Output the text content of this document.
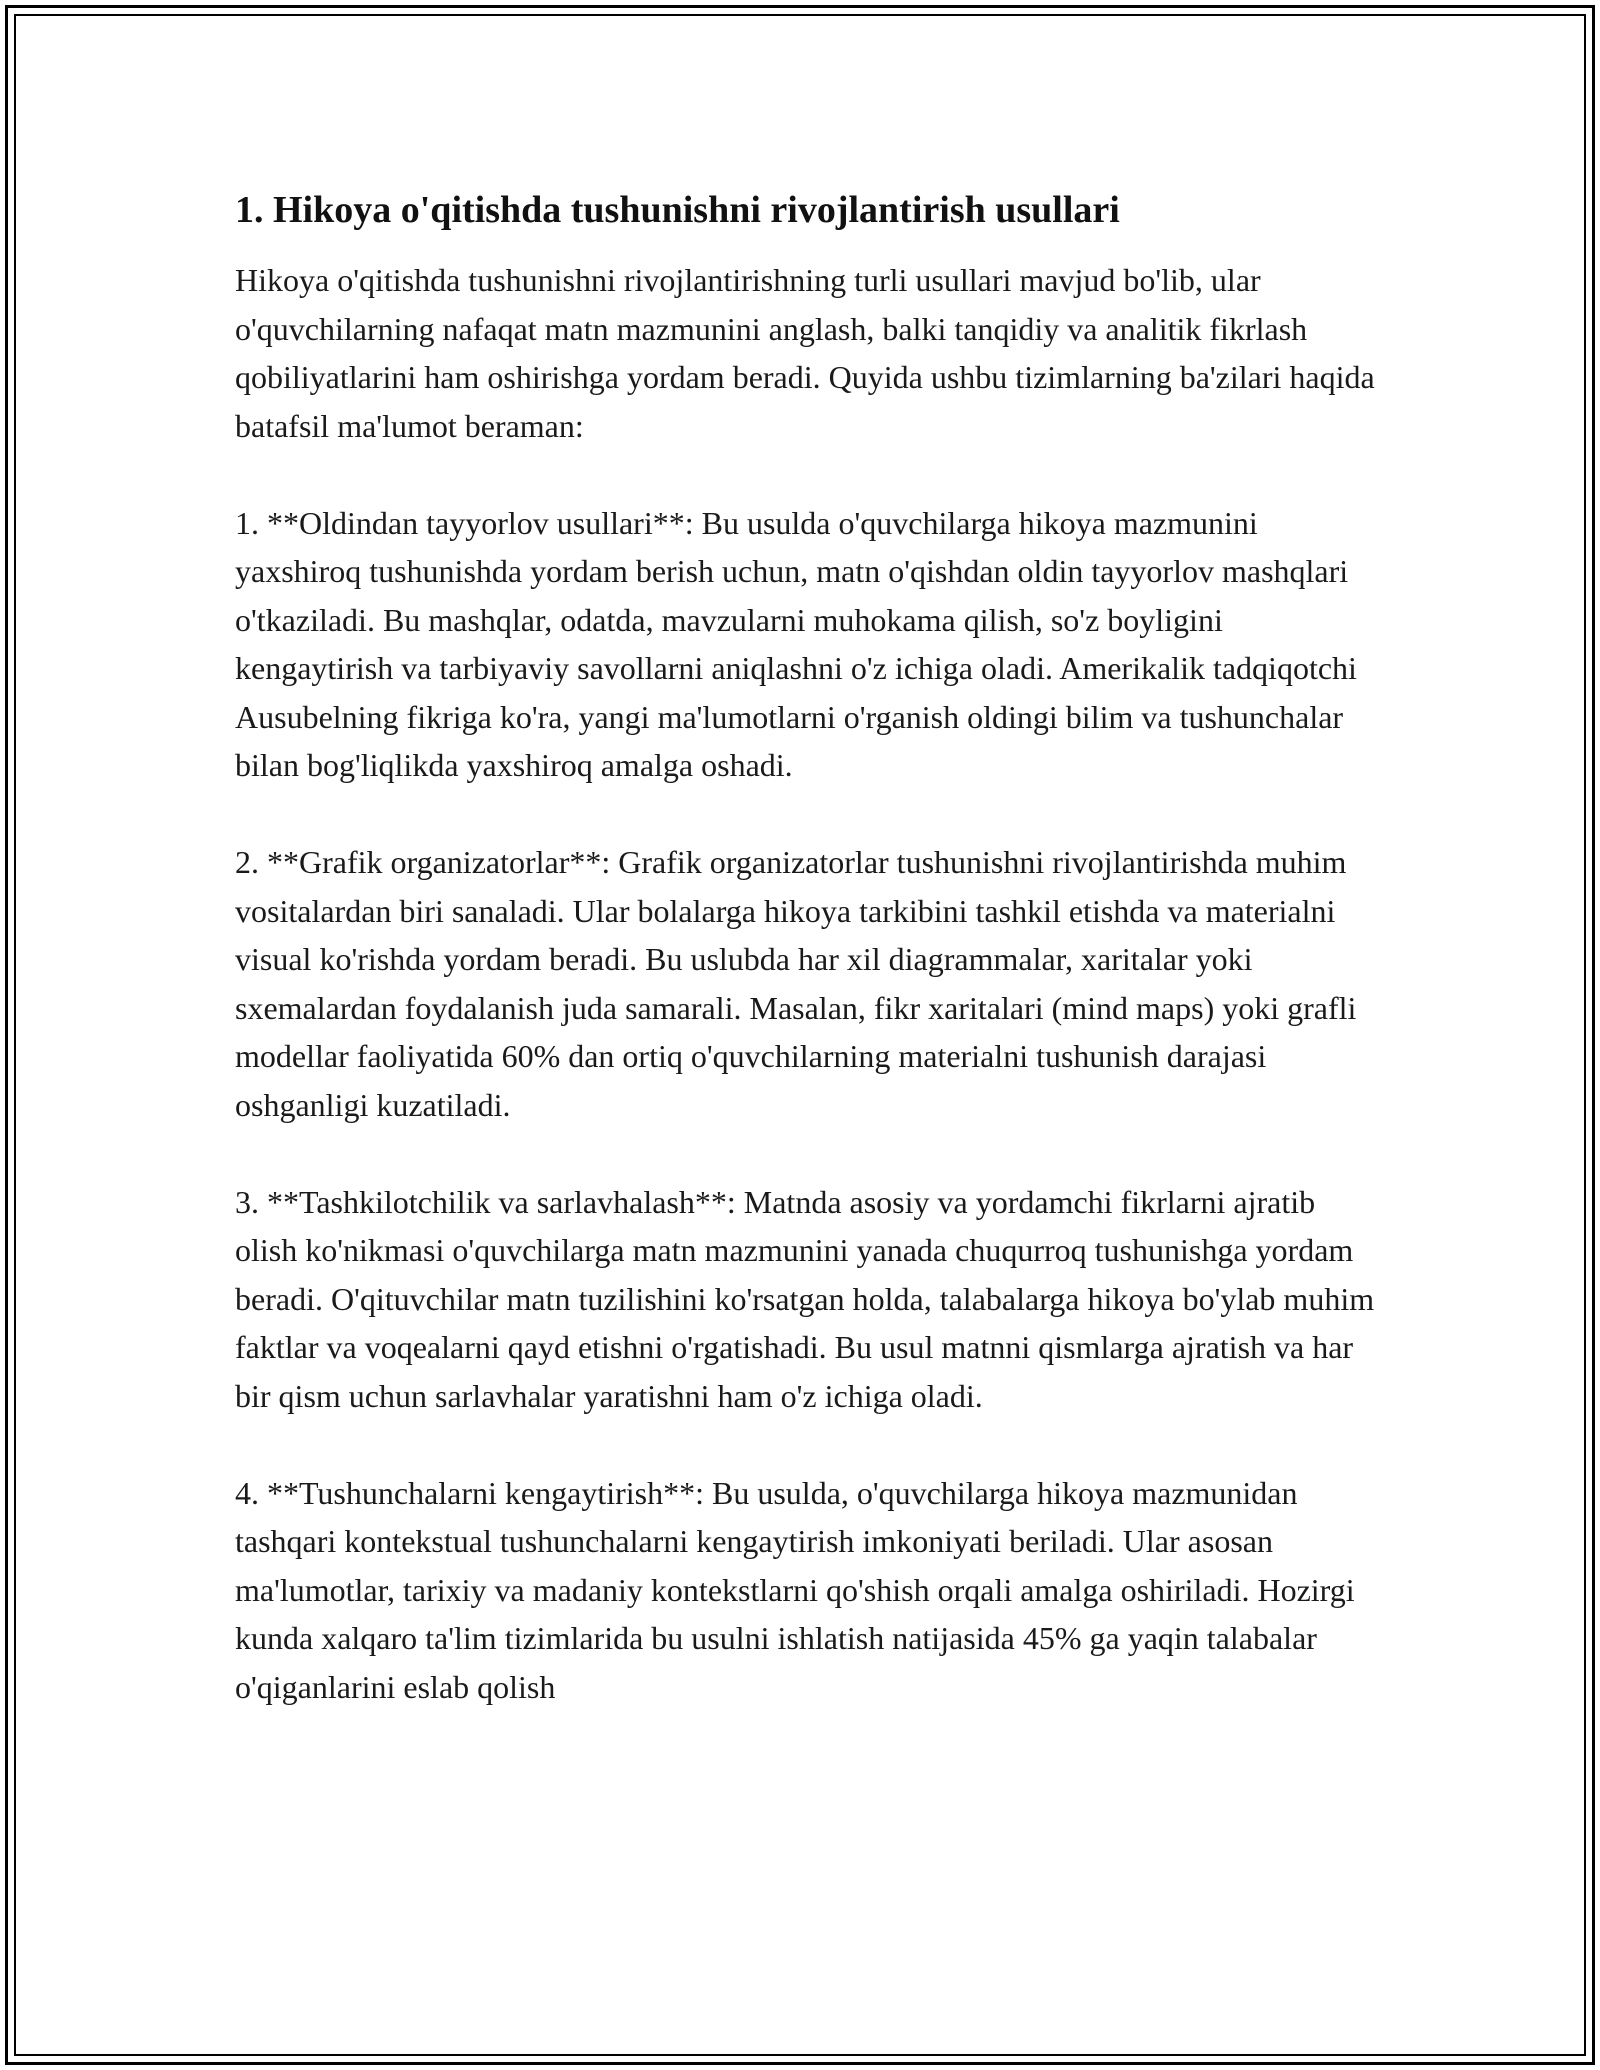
1. Hikoya o'qitishda tushunishni rivojlantirish usullari

Hikoya o'qitishda tushunishni rivojlantirishning turli usullari mavjud bo'lib, ular o'quvchilarning nafaqat matn mazmunini anglash, balki tanqidiy va analitik fikrlash qobiliyatlarini ham oshirishga yordam beradi. Quyida ushbu tizimlarning ba'zilari haqida batafsil ma'lumot beraman:

1. **Oldindan tayyorlov usullari**: Bu usulda o'quvchilarga hikoya mazmunini yaxshiroq tushunishda yordam berish uchun, matn o'qishdan oldin tayyorlov mashqlari o'tkaziladi. Bu mashqlar, odatda, mavzularni muhokama qilish, so'z boyligini kengaytirish va tarbiyaviy savollarni aniqlashni o'z ichiga oladi. Amerikalik tadqiqotchi Ausubelning fikriga ko'ra, yangi ma'lumotlarni o'rganish oldingi bilim va tushunchalar bilan bog'liqlikda yaxshiroq amalga oshadi.

2. **Grafik organizatorlar**: Grafik organizatorlar tushunishni rivojlantirishda muhim vositalardan biri sanaladi. Ular bolalarga hikoya tarkibini tashkil etishda va materialni visual ko'rishda yordam beradi. Bu uslubda har xil diagrammalar, xaritalar yoki sxemalardan foydalanish juda samarali. Masalan, fikr xaritalari (mind maps) yoki grafli modellar faoliyatida 60% dan ortiq o'quvchilarning materialni tushunish darajasi oshganligi kuzatiladi.

3. **Tashkilotchilik va sarlavhalash**: Matnda asosiy va yordamchi fikrlarni ajratib olish ko'nikmasi o'quvchilarga matn mazmunini yanada chuqurroq tushunishga yordam beradi. O'qituvchilar matn tuzilishini ko'rsatgan holda, talabalarga hikoya bo'ylab muhim faktlar va voqealarni qayd etishni o'rgatishadi. Bu usul matnni qismlarga ajratish va har bir qism uchun sarlavhalar yaratishni ham o'z ichiga oladi.

4. **Tushunchalarni kengaytirish**: Bu usulda, o'quvchilarga hikoya mazmunidan tashqari kontekstual tushunchalarni kengaytirish imkoniyati beriladi. Ular asosan ma'lumotlar, tarixiy va madaniy kontekstlarni qo'shish orqali amalga oshiriladi. Hozirgi kunda xalqaro ta'lim tizimlarida bu usulni ishlatish natijasida 45% ga yaqin talabalar o'qiganlarini eslab qolish
